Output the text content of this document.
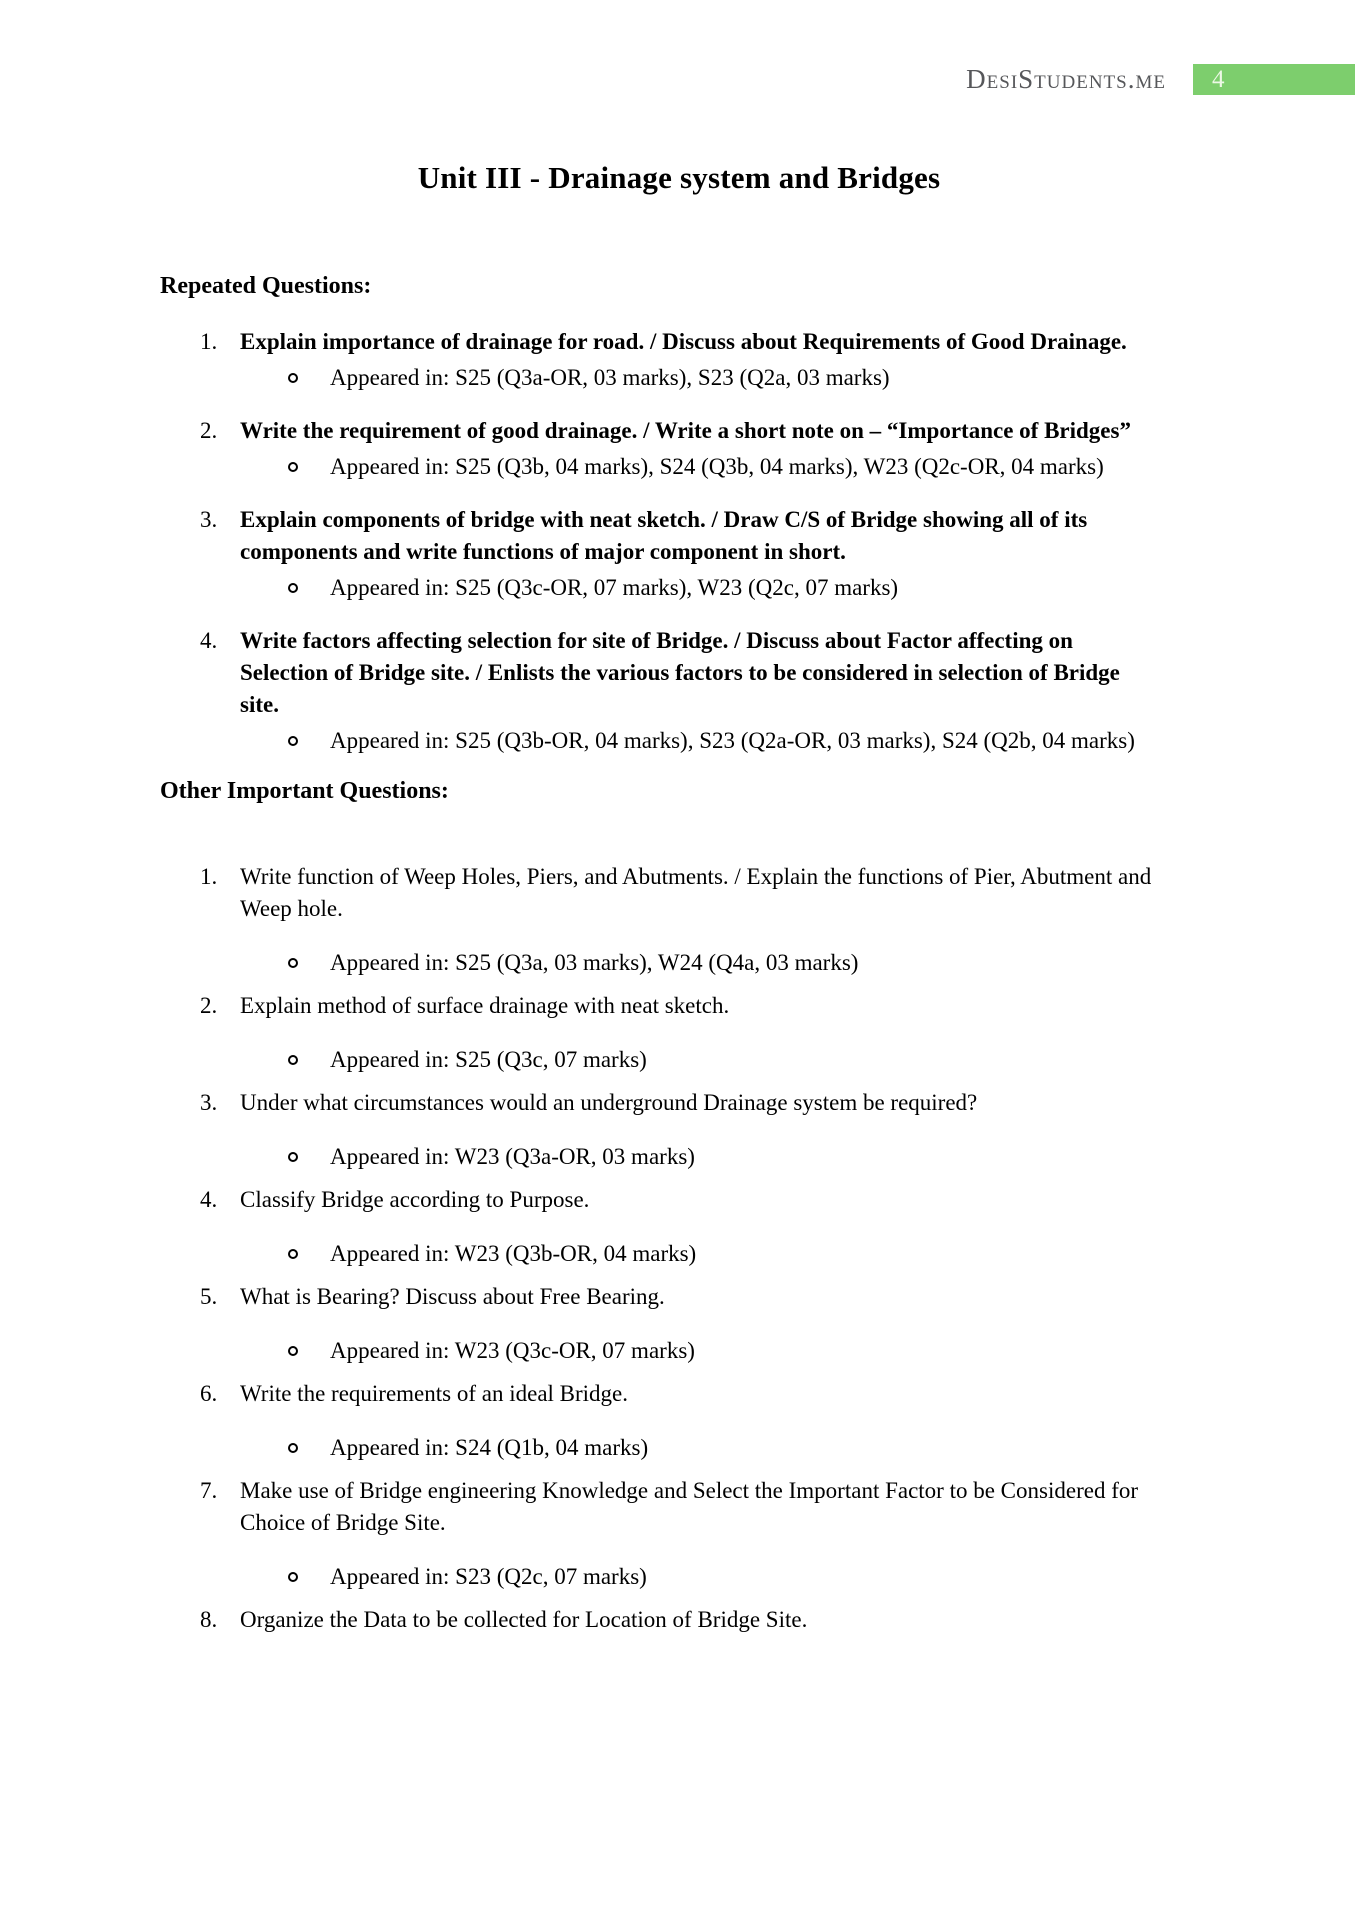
DesiStudents.me 4
Unit III - Drainage system and Bridges
Repeated Questions:
1. Explain importance of drainage for road. / Discuss about Requirements of Good Drainage.
Appeared in: S25 (Q3a-OR, 03 marks), S23 (Q2a, 03 marks)
2. Write the requirement of good drainage. / Write a short note on – “Importance of Bridges”
Appeared in: S25 (Q3b, 04 marks), S24 (Q3b, 04 marks), W23 (Q2c-OR, 04 marks)
3. Explain components of bridge with neat sketch. / Draw C/S of Bridge showing all of its components and write functions of major component in short.
Appeared in: S25 (Q3c-OR, 07 marks), W23 (Q2c, 07 marks)
4. Write factors affecting selection for site of Bridge. / Discuss about Factor affecting on Selection of Bridge site. / Enlists the various factors to be considered in selection of Bridge site.
Appeared in: S25 (Q3b-OR, 04 marks), S23 (Q2a-OR, 03 marks), S24 (Q2b, 04 marks)
Other Important Questions:
1. Write function of Weep Holes, Piers, and Abutments. / Explain the functions of Pier, Abutment and Weep hole.
Appeared in: S25 (Q3a, 03 marks), W24 (Q4a, 03 marks)
2. Explain method of surface drainage with neat sketch.
Appeared in: S25 (Q3c, 07 marks)
3. Under what circumstances would an underground Drainage system be required?
Appeared in: W23 (Q3a-OR, 03 marks)
4. Classify Bridge according to Purpose.
Appeared in: W23 (Q3b-OR, 04 marks)
5. What is Bearing? Discuss about Free Bearing.
Appeared in: W23 (Q3c-OR, 07 marks)
6. Write the requirements of an ideal Bridge.
Appeared in: S24 (Q1b, 04 marks)
7. Make use of Bridge engineering Knowledge and Select the Important Factor to be Considered for Choice of Bridge Site.
Appeared in: S23 (Q2c, 07 marks)
8. Organize the Data to be collected for Location of Bridge Site.
